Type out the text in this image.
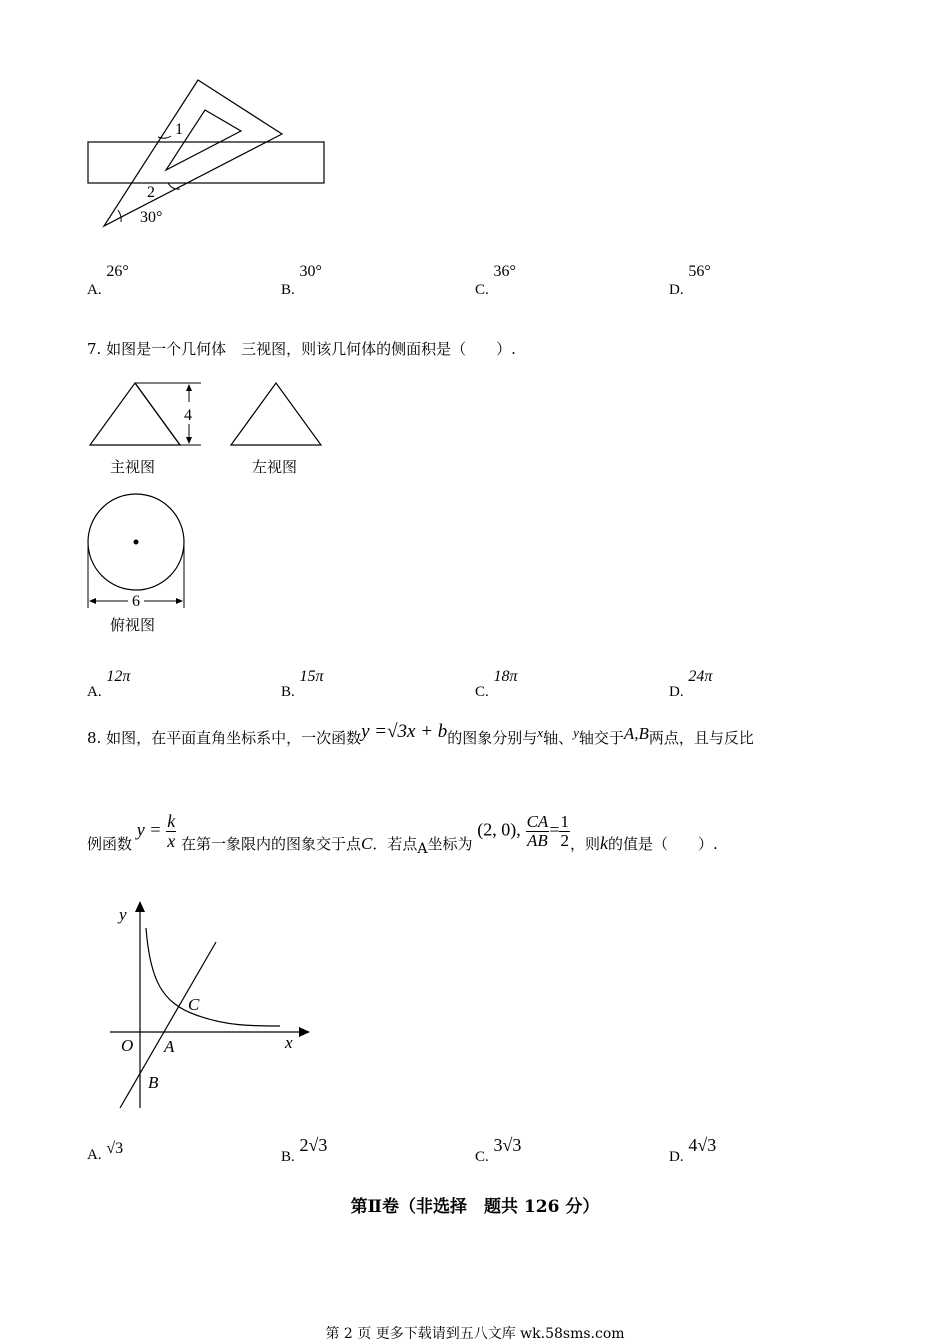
1
2
30°
A. 26°
B. 30°
C. 36°
D. 56°
7. 如图是一个几何体　三视图，则该几何体的侧面积是（　　）.
4
主视图	左视图
6
俯视图
A. 12π
B. 15π
C. 18π
D. 24π
8. 如图，在平面直角坐标系中，一次函数y =√3x + b的图象分别与x轴、y轴交于A,B两点，且与反比
例函数 $y = \frac{k}{x}$ 在第一象限内的图象交于点C．若点A坐标为 (2, 0), $\frac{CA}{AB} = \frac{1}{2}$ ，则k的值是（　　）.
y
x
O A
B
C
A. √3	B. 2√3
C. 3√3
D. 4√3
第Ⅱ卷（非选择　题共 126 分）
第 2 页 更多下载请到五八文库 wk.58sms.com
